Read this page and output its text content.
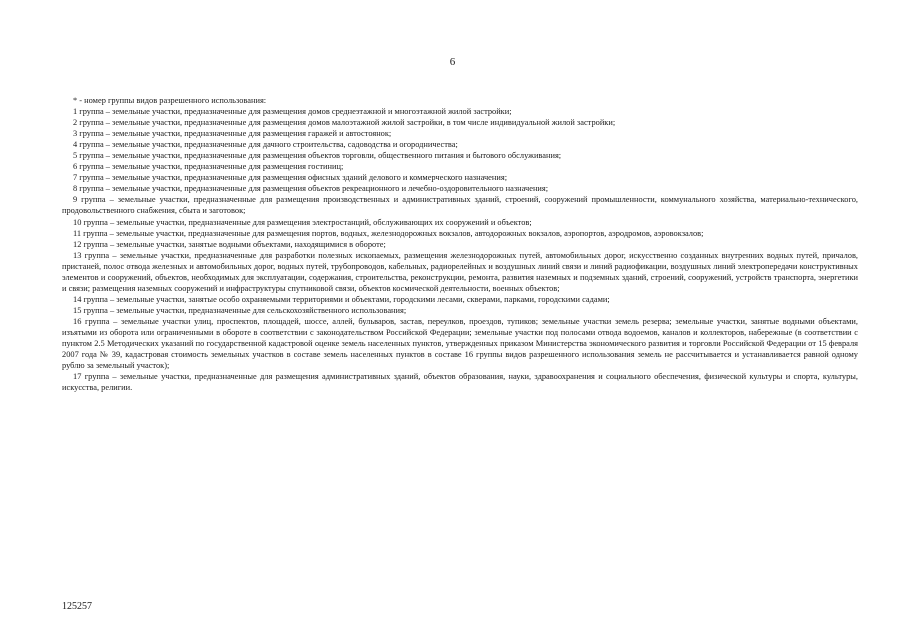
6

* - номер группы видов разрешенного использования:

1 группа – земельные участки, предназначенные для размещения домов среднеэтажной и многоэтажной жилой застройки;

2 группа – земельные участки, предназначенные для размещения домов малоэтажной жилой застройки, в том числе индивидуальной жилой застройки;

3 группа – земельные участки, предназначенные для размещения гаражей и автостоянок;

4 группа – земельные участки, предназначенные для дачного строительства, садоводства и огородничества;

5 группа – земельные участки, предназначенные для размещения объектов торговли, общественного питания и бытового обслуживания;

6 группа – земельные участки, предназначенные для размещения гостиниц;

7 группа – земельные участки, предназначенные для размещения офисных зданий делового и коммерческого назначения;

8 группа – земельные участки, предназначенные для размещения объектов рекреационного и лечебно-оздоровительного назначения;

9 группа – земельные участки, предназначенные для размещения производственных и административных зданий, строений, сооружений промышленности, коммунального хозяйства, материально-технического, продовольственного снабжения, сбыта и заготовок;

10 группа – земельные участки, предназначенные для размещения электростанций, обслуживающих их сооружений и объектов;

11 группа – земельные участки, предназначенные для размещения портов, водных, железнодорожных вокзалов, автодорожных вокзалов, аэропортов, аэродромов, аэровокзалов;

12 группа – земельные участки, занятые водными объектами, находящимися в обороте;

13 группа – земельные участки, предназначенные для разработки полезных ископаемых, размещения железнодорожных путей, автомобильных дорог, искусственно созданных внутренних водных путей, причалов, пристаней, полос отвода железных и автомобильных дорог, водных путей, трубопроводов, кабельных, радиорелейных и воздушных линий связи и линий радиофикации, воздушных линий электропередачи конструктивных элементов и сооружений, объектов, необходимых для эксплуатации, содержания, строительства, реконструкции, ремонта, развития наземных и подземных зданий, строений, сооружений, устройств транспорта, энергетики и связи; размещения наземных сооружений и инфраструктуры спутниковой связи, объектов космической деятельности, военных объектов;

14 группа – земельные участки, занятые особо охраняемыми территориями и объектами, городскими лесами, скверами, парками, городскими садами;

15 группа – земельные участки, предназначенные для сельскохозяйственного использования;

16 группа – земельные участки улиц, проспектов, площадей, шоссе, аллей, бульваров, застав, переулков, проездов, тупиков; земельные участки земель резерва; земельные участки, занятые водными объектами, изъятыми из оборота или ограниченными в обороте в соответствии с законодательством Российской Федерации; земельные участки под полосами отвода водоемов, каналов и коллекторов, набережные (в соответствии с пунктом 2.5 Методических указаний по государственной кадастровой оценке земель населенных пунктов, утвержденных приказом Министерства экономического развития и торговли Российской Федерации от 15 февраля 2007 года № 39, кадастровая стоимость земельных участков в составе земель населенных пунктов в составе 16 группы видов разрешенного использования земель не рассчитывается и устанавливается равной одному рублю за земельный участок);

17 группа – земельные участки, предназначенные для размещения административных зданий, объектов образования, науки, здравоохранения и социального обеспечения, физической культуры и спорта, культуры, искусства, религии.

125257
